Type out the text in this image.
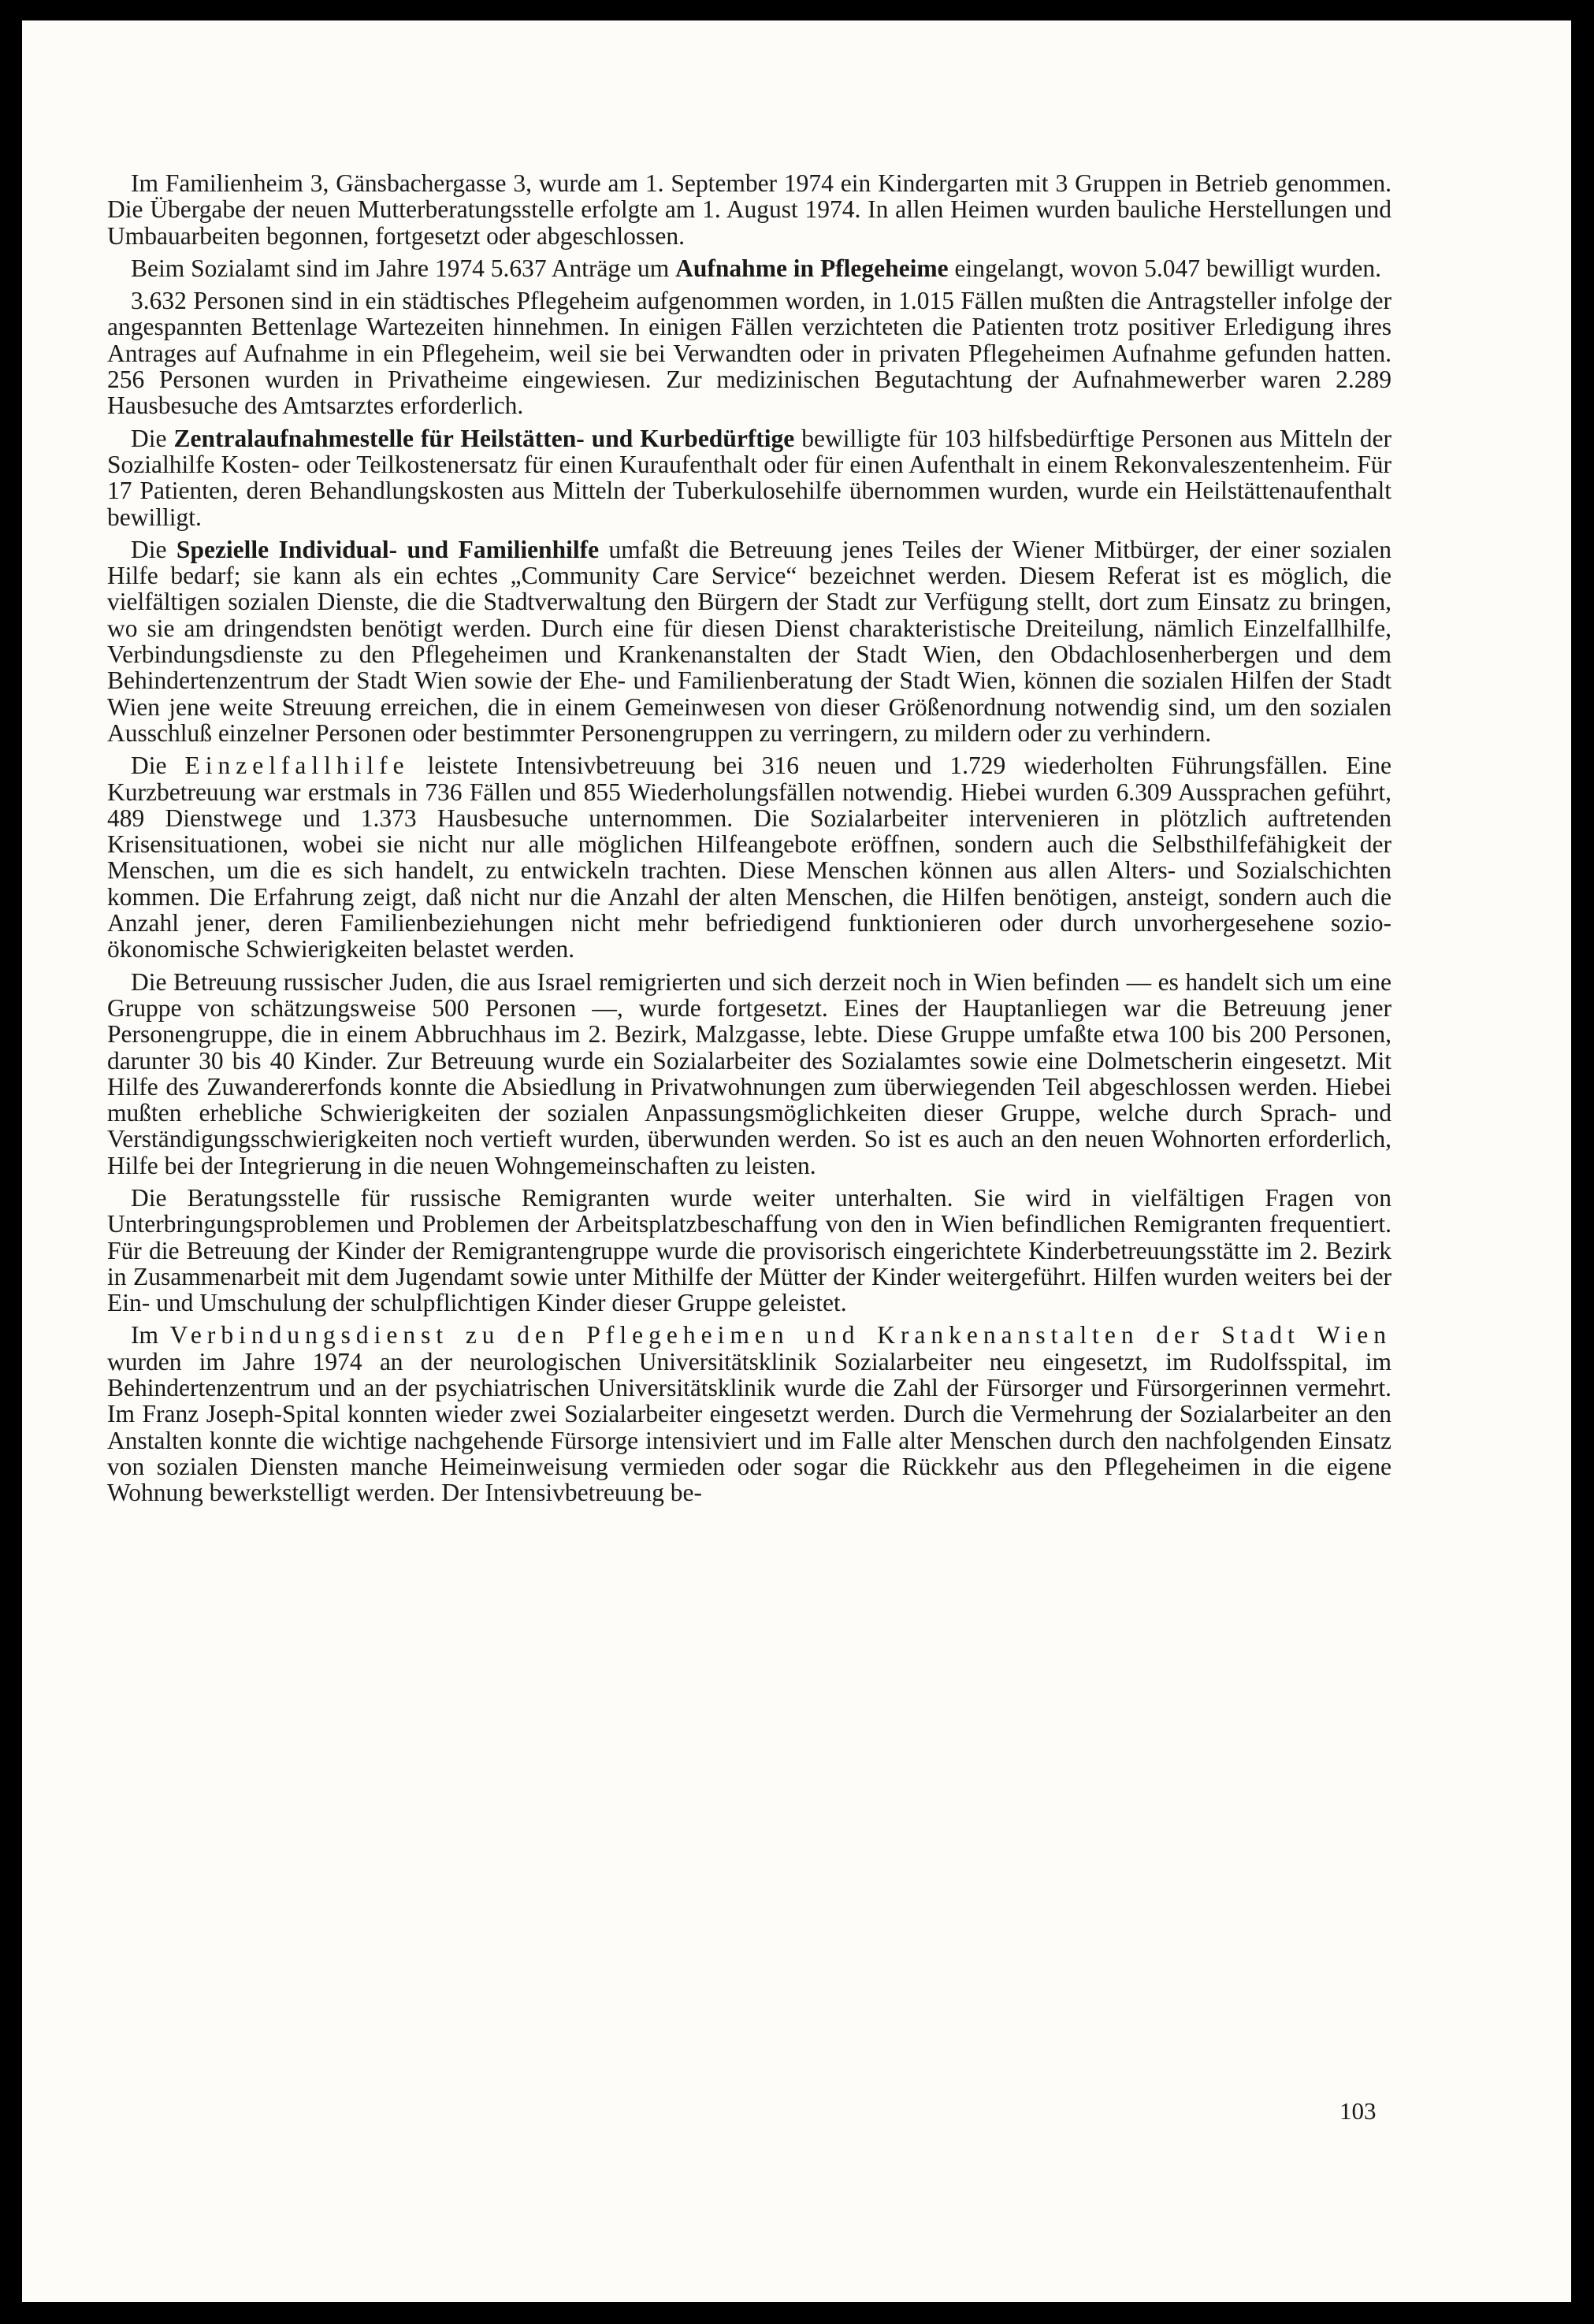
Im Familienheim 3, Gänsbachergasse 3, wurde am 1. September 1974 ein Kindergarten mit 3 Gruppen in Betrieb genommen. Die Übergabe der neuen Mutterberatungsstelle erfolgte am 1. August 1974. In allen Heimen wurden bauliche Herstellungen und Umbauarbeiten begonnen, fortgesetzt oder abgeschlossen.

Beim Sozialamt sind im Jahre 1974 5.637 Anträge um Aufnahme in Pflegeheime eingelangt, wovon 5.047 bewilligt wurden.

3.632 Personen sind in ein städtisches Pflegeheim aufgenommen worden, in 1.015 Fällen mußten die Antragsteller infolge der angespannten Bettenlage Wartezeiten hinnehmen. In einigen Fällen verzichteten die Patienten trotz positiver Erledigung ihres Antrages auf Aufnahme in ein Pflegeheim, weil sie bei Verwandten oder in privaten Pflegeheimen Aufnahme gefunden hatten. 256 Personen wurden in Privatheime eingewiesen. Zur medizinischen Begutachtung der Aufnahmewerber waren 2.289 Hausbesuche des Amtsarztes erforderlich.

Die Zentralaufnahmestelle für Heilstätten- und Kurbedürftige bewilligte für 103 hilfsbedürftige Personen aus Mitteln der Sozialhilfe Kosten- oder Teilkostenersatz für einen Kuraufenthalt oder für einen Aufenthalt in einem Rekonvaleszentenheim. Für 17 Patienten, deren Behandlungskosten aus Mitteln der Tuberkulosehilfe übernommen wurden, wurde ein Heilstättenaufenthalt bewilligt.

Die Spezielle Individual- und Familienhilfe umfaßt die Betreuung jenes Teiles der Wiener Mitbürger, der einer sozialen Hilfe bedarf; sie kann als ein echtes „Community Care Service“ bezeichnet werden. Diesem Referat ist es möglich, die vielfältigen sozialen Dienste, die die Stadtverwaltung den Bürgern der Stadt zur Verfügung stellt, dort zum Einsatz zu bringen, wo sie am dringendsten benötigt werden. Durch eine für diesen Dienst charakteristische Dreiteilung, nämlich Einzelfallhilfe, Verbindungsdienste zu den Pflegeheimen und Krankenanstalten der Stadt Wien, den Obdachlosenherbergen und dem Behindertenzentrum der Stadt Wien sowie der Ehe- und Familienberatung der Stadt Wien, können die sozialen Hilfen der Stadt Wien jene weite Streuung erreichen, die in einem Gemeinwesen von dieser Größenordnung notwendig sind, um den sozialen Ausschluß einzelner Personen oder bestimmter Personengruppen zu verringern, zu mildern oder zu verhindern.

Die Einzelfallhilfe leistete Intensivbetreuung bei 316 neuen und 1.729 wiederholten Führungsfällen. Eine Kurzbetreuung war erstmals in 736 Fällen und 855 Wiederholungsfällen notwendig. Hiebei wurden 6.309 Aussprachen geführt, 489 Dienstwege und 1.373 Hausbesuche unternommen. Die Sozialarbeiter intervenieren in plötzlich auftretenden Krisensituationen, wobei sie nicht nur alle möglichen Hilfeangebote eröffnen, sondern auch die Selbsthilfefähigkeit der Menschen, um die es sich handelt, zu entwickeln trachten. Diese Menschen können aus allen Alters- und Sozialschichten kommen. Die Erfahrung zeigt, daß nicht nur die Anzahl der alten Menschen, die Hilfen benötigen, ansteigt, sondern auch die Anzahl jener, deren Familienbeziehungen nicht mehr befriedigend funktionieren oder durch unvorhergesehene sozio-ökonomische Schwierigkeiten belastet werden.

Die Betreuung russischer Juden, die aus Israel remigrierten und sich derzeit noch in Wien befinden — es handelt sich um eine Gruppe von schätzungsweise 500 Personen —, wurde fortgesetzt. Eines der Hauptanliegen war die Betreuung jener Personengruppe, die in einem Abbruchhaus im 2. Bezirk, Malzgasse, lebte. Diese Gruppe umfaßte etwa 100 bis 200 Personen, darunter 30 bis 40 Kinder. Zur Betreuung wurde ein Sozialarbeiter des Sozialamtes sowie eine Dolmetscherin eingesetzt. Mit Hilfe des Zuwandererfonds konnte die Absiedlung in Privatwohnungen zum überwiegenden Teil abgeschlossen werden. Hiebei mußten erhebliche Schwierigkeiten der sozialen Anpassungsmöglichkeiten dieser Gruppe, welche durch Sprach- und Verständigungsschwierigkeiten noch vertieft wurden, überwunden werden. So ist es auch an den neuen Wohnorten erforderlich, Hilfe bei der Integrierung in die neuen Wohngemeinschaften zu leisten.

Die Beratungsstelle für russische Remigranten wurde weiter unterhalten. Sie wird in vielfältigen Fragen von Unterbringungsproblemen und Problemen der Arbeitsplatzbeschaffung von den in Wien befindlichen Remigranten frequentiert. Für die Betreuung der Kinder der Remigrantengruppe wurde die provisorisch eingerichtete Kinderbetreuungsstätte im 2. Bezirk in Zusammenarbeit mit dem Jugendamt sowie unter Mithilfe der Mütter der Kinder weitergeführt. Hilfen wurden weiters bei der Ein- und Umschulung der schulpflichtigen Kinder dieser Gruppe geleistet.

Im Verbindungsdienst zu den Pflegeheimen und Krankenanstalten der Stadt Wien wurden im Jahre 1974 an der neurologischen Universitätsklinik Sozialarbeiter neu eingesetzt, im Rudolfsspital, im Behindertenzentrum und an der psychiatrischen Universitätsklinik wurde die Zahl der Fürsorger und Fürsorgerinnen vermehrt. Im Franz Joseph-Spital konnten wieder zwei Sozialarbeiter eingesetzt werden. Durch die Vermehrung der Sozialarbeiter an den Anstalten konnte die wichtige nachgehende Fürsorge intensiviert und im Falle alter Menschen durch den nachfolgenden Einsatz von sozialen Diensten manche Heimeinweisung vermieden oder sogar die Rückkehr aus den Pflegeheimen in die eigene Wohnung bewerkstelligt werden. Der Intensivbetreuung be-

103
